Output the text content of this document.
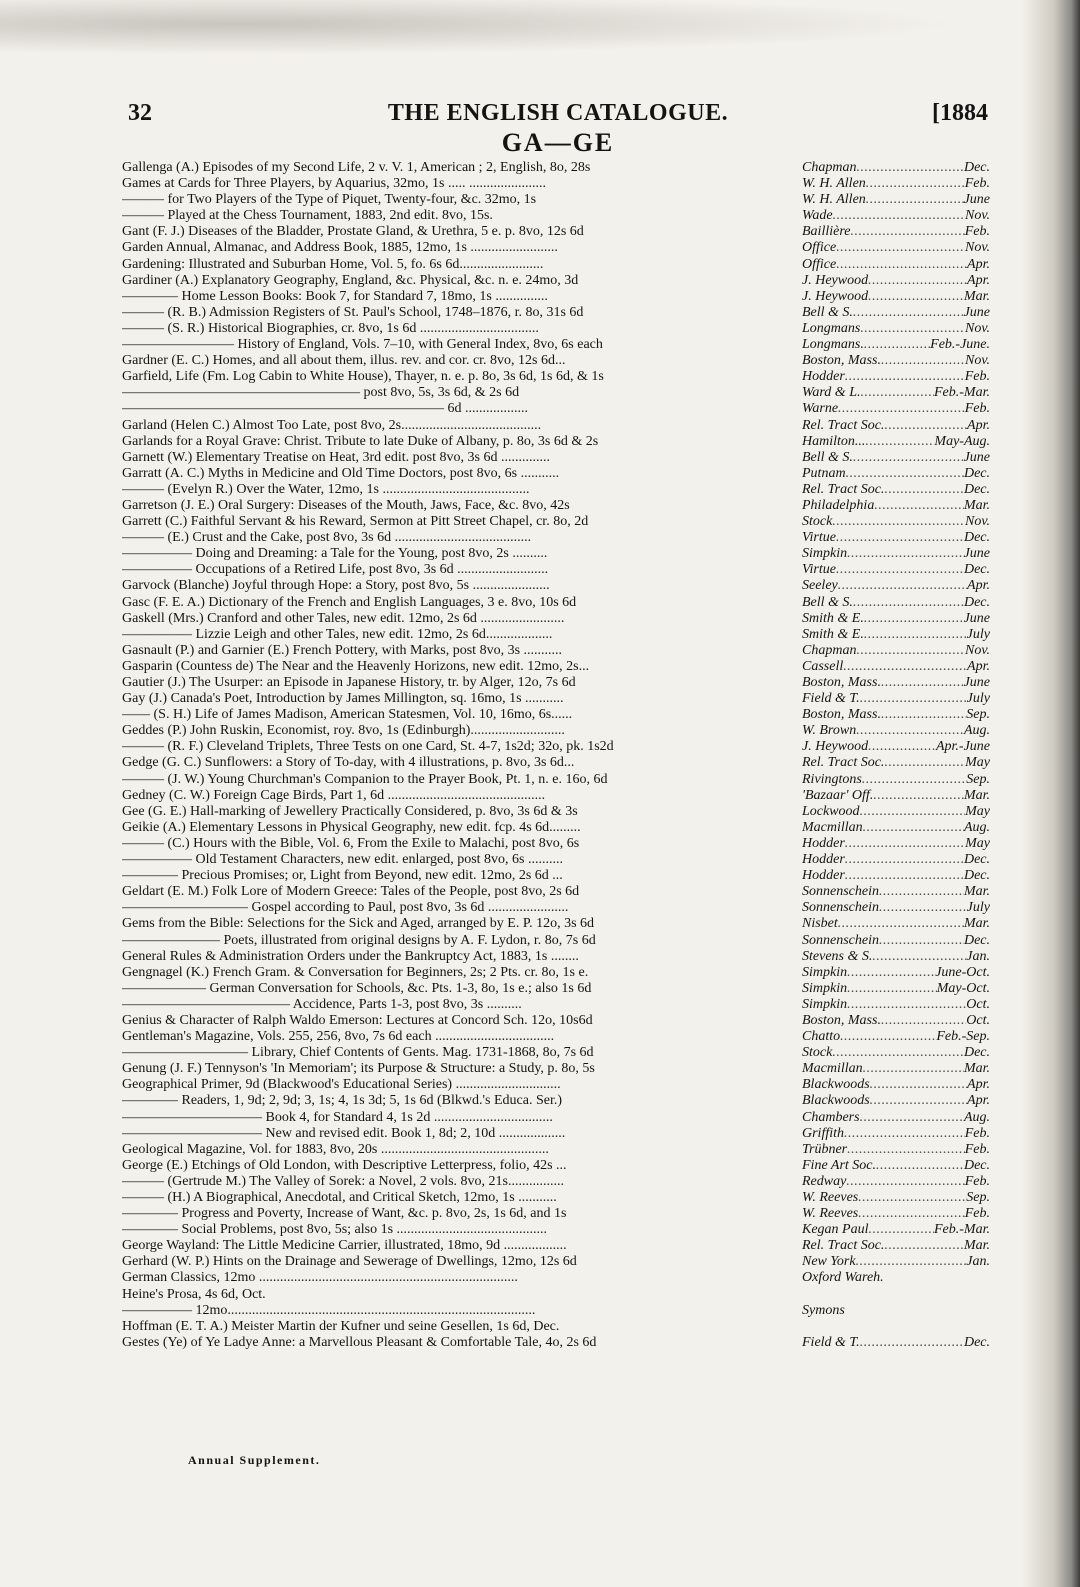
32	THE ENGLISH CATALOGUE.	[1884
GA—GE
Gallenga (A.) Episodes of my Second Life, 2 v. V. 1, American ; 2, English, 8o, 28s	Chapman .....	Dec.
Games at Cards for Three Players, by Aquarius, 32mo, 1s ..... ......................	W. H. Allen .....	Feb.
——— for Two Players of the Type of Piquet, Twenty-four, &c. 32mo, 1s	W. H. Allen .....	June
——— Played at the Chess Tournament, 1883, 2nd edit. 8vo, 15s.	Wade .....	Nov.
Gant (F. J.) Diseases of the Bladder, Prostate Gland, & Urethra, 5 e. p. 8vo, 12s 6d	Baillière .....	Feb.
Garden Annual, Almanac, and Address Book, 1885, 12mo, 1s .........................	Office .....	Nov.
Gardening: Illustrated and Suburban Home, Vol. 5, fo. 6s 6d........................	Office .....	Apr.
Gardiner (A.) Explanatory Geography, England, &c. Physical, &c. n. e. 24mo, 3d	J. Heywood .....	Apr.
———— Home Lesson Books: Book 7, for Standard 7, 18mo, 1s ...............	J. Heywood .....	Mar.
——— (R. B.) Admission Registers of St. Paul's School, 1748–1876, r. 8o, 31s 6d	Bell & S. .....	June
——— (S. R.) Historical Biographies, cr. 8vo, 1s 6d ..................................	Longmans .....	Nov.
———————— History of England, Vols. 7–10, with General Index, 8vo, 6s each	Longmans. .....	Feb.-June.
Gardner (E. C.) Homes, and all about them, illus. rev. and cor. cr. 8vo, 12s 6d...	Boston, Mass. .....	Nov.
Garfield, Life (Fm. Log Cabin to White House), Thayer, n. e. p. 8o, 3s 6d, 1s 6d, & 1s	Hodder .....	Feb.
————————————————— post 8vo, 5s, 3s 6d, & 2s 6d	Ward & L. .....	Feb.-Mar.
——————————————————————— 6d ..................	Warne .....	Feb.
Garland (Helen C.) Almost Too Late, post 8vo, 2s........................................	Rel. Tract Soc. .....	Apr.
Garlands for a Royal Grave: Christ. Tribute to late Duke of Albany, p. 8o, 3s 6d & 2s	Hamilton... .....	May-Aug.
Garnett (W.) Elementary Treatise on Heat, 3rd edit. post 8vo, 3s 6d ..............	Bell & S. .....	June
Garratt (A. C.) Myths in Medicine and Old Time Doctors, post 8vo, 6s ...........	Putnam .....	Dec.
——— (Evelyn R.) Over the Water, 12mo, 1s ..........................................	Rel. Tract Soc. .....	Dec.
Garretson (J. E.) Oral Surgery: Diseases of the Mouth, Jaws, Face, &c. 8vo, 42s	Philadelphia .....	Mar.
Garrett (C.) Faithful Servant & his Reward, Sermon at Pitt Street Chapel, cr. 8o, 2d	Stock .....	Nov.
——— (E.) Crust and the Cake, post 8vo, 3s 6d .......................................	Virtue .....	Dec.
————— Doing and Dreaming: a Tale for the Young, post 8vo, 2s ..........	Simpkin .....	June
————— Occupations of a Retired Life, post 8vo, 3s 6d ..........................	Virtue .....	Dec.
Garvock (Blanche) Joyful through Hope: a Story, post 8vo, 5s ......................	Seeley .....	Apr.
Gasc (F. E. A.) Dictionary of the French and English Languages, 3 e. 8vo, 10s 6d	Bell & S. .....	Dec.
Gaskell (Mrs.) Cranford and other Tales, new edit. 12mo, 2s 6d ........................	Smith & E. .....	June
————— Lizzie Leigh and other Tales, new edit. 12mo, 2s 6d...................	Smith & E. .....	July
Gasnault (P.) and Garnier (E.) French Pottery, with Marks, post 8vo, 3s ...........	Chapman .....	Nov.
Gasparin (Countess de) The Near and the Heavenly Horizons, new edit. 12mo, 2s...	Cassell .....	Apr.
Gautier (J.) The Usurper: an Episode in Japanese History, tr. by Alger, 12o, 7s 6d	Boston, Mass. .....	June
Gay (J.) Canada's Poet, Introduction by James Millington, sq. 16mo, 1s ...........	Field & T. .....	July
—— (S. H.) Life of James Madison, American Statesmen, Vol. 10, 16mo, 6s......	Boston, Mass. .....	Sep.
Geddes (P.) John Ruskin, Economist, roy. 8vo, 1s (Edinburgh)...........................	W. Brown .....	Aug.
——— (R. F.) Cleveland Triplets, Three Tests on one Card, St. 4-7, 1s2d; 32o, pk. 1s2d	J. Heywood .....	Apr.-June
Gedge (G. C.) Sunflowers: a Story of To-day, with 4 illustrations, p. 8vo, 3s 6d...	Rel. Tract Soc. .....	May
——— (J. W.) Young Churchman's Companion to the Prayer Book, Pt. 1, n. e. 16o, 6d	Rivingtons .....	Sep.
Gedney (C. W.) Foreign Cage Birds, Part 1, 6d .............................................	'Bazaar' Off. .....	Mar.
Gee (G. E.) Hall-marking of Jewellery Practically Considered, p. 8vo, 3s 6d & 3s	Lockwood .....	May
Geikie (A.) Elementary Lessons in Physical Geography, new edit. fcp. 4s 6d.........	Macmillan .....	Aug.
——— (C.) Hours with the Bible, Vol. 6, From the Exile to Malachi, post 8vo, 6s	Hodder .....	May
————— Old Testament Characters, new edit. enlarged, post 8vo, 6s ..........	Hodder .....	Dec.
———— Precious Promises; or, Light from Beyond, new edit. 12mo, 2s 6d ...	Hodder .....	Dec.
Geldart (E. M.) Folk Lore of Modern Greece: Tales of the People, post 8vo, 2s 6d	Sonnenschein .....	Mar.
————————— Gospel according to Paul, post 8vo, 3s 6d .......................	Sonnenschein .....	July
Gems from the Bible: Selections for the Sick and Aged, arranged by E. P. 12o, 3s 6d	Nisbet .....	Mar.
——————— Poets, illustrated from original designs by A. F. Lydon, r. 8o, 7s 6d	Sonnenschein .....	Dec.
General Rules & Administration Orders under the Bankruptcy Act, 1883, 1s ........	Stevens & S. .....	Jan.
Gengnagel (K.) French Gram. & Conversation for Beginners, 2s; 2 Pts. cr. 8o, 1s e.	Simpkin .....	June-Oct.
—————— German Conversation for Schools, &c. Pts. 1-3, 8o, 1s e.; also 1s 6d	Simpkin .....	May-Oct.
———————————— Accidence, Parts 1-3, post 8vo, 3s ..........	Simpkin .....	Oct.
Genius & Character of Ralph Waldo Emerson: Lectures at Concord Sch. 12o, 10s6d	Boston, Mass. .....	Oct.
Gentleman's Magazine, Vols. 255, 256, 8vo, 7s 6d each ..................................	Chatto .....	Feb.-Sep.
————————— Library, Chief Contents of Gents. Mag. 1731-1868, 8o, 7s 6d	Stock .....	Dec.
Genung (J. F.) Tennyson's 'In Memoriam'; its Purpose & Structure: a Study, p. 8o, 5s	Macmillan .....	Mar.
Geographical Primer, 9d (Blackwood's Educational Series) ..............................	Blackwoods .....	Apr.
———— Readers, 1, 9d; 2, 9d; 3, 1s; 4, 1s 3d; 5, 1s 6d (Blkwd.'s Educa. Ser.)	Blackwoods .....	Apr.
—————————— Book 4, for Standard 4, 1s 2d ..................................	Chambers .....	Aug.
—————————— New and revised edit. Book 1, 8d; 2, 10d ...................	Griffith .....	Feb.
Geological Magazine, Vol. for 1883, 8vo, 20s ................................................	Trübner .....	Feb.
George (E.) Etchings of Old London, with Descriptive Letterpress, folio, 42s ...	Fine Art Soc. .....	Dec.
——— (Gertrude M.) The Valley of Sorek: a Novel, 2 vols. 8vo, 21s................	Redway .....	Feb.
——— (H.) A Biographical, Anecdotal, and Critical Sketch, 12mo, 1s ...........	W. Reeves .....	Sep.
———— Progress and Poverty, Increase of Want, &c. p. 8vo, 2s, 1s 6d, and 1s	W. Reeves .....	Feb.
———— Social Problems, post 8vo, 5s; also 1s ...........................................	Kegan Paul .....	Feb.-Mar.
George Wayland: The Little Medicine Carrier, illustrated, 18mo, 9d ..................	Rel. Tract Soc. .....	Mar.
Gerhard (W. P.) Hints on the Drainage and Sewerage of Dwellings, 12mo, 12s 6d	New York .....	Jan.
German Classics, 12mo ..........................................................................	Oxford Wareh.
Heine's Prosa, 4s 6d, Oct.
————— 12mo........................................................................................	Symons
Hoffman (E. T. A.) Meister Martin der Kufner und seine Gesellen, 1s 6d, Dec.
Gestes (Ye) of Ye Ladye Anne: a Marvellous Pleasant & Comfortable Tale, 4o, 2s 6d	Field & T. .....	Dec.
Annual Supplement.
